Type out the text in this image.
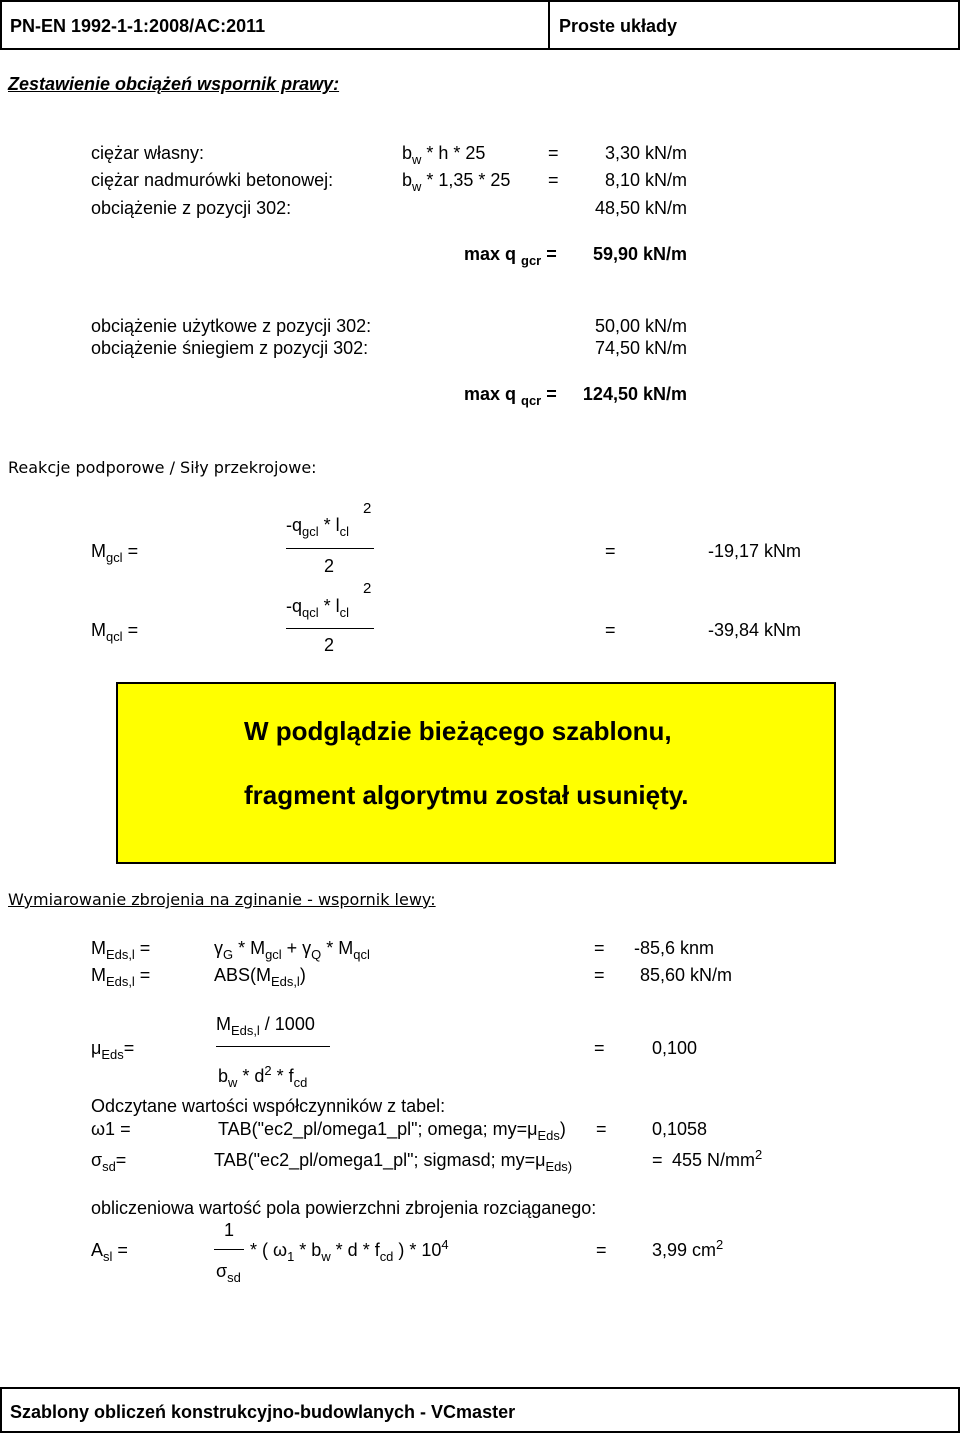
PN-EN 1992-1-1:2008/AC:2011	Proste układy
Zestawienie obciążeń wspornik prawy:
ciężar własny:	$b_w$ * h * 25	=	3,30 kN/m
ciężar nadmurówki betonowej:	$b_w * 1,35 * 25$ =	8,10 kN/m
obciążenie z pozycji 302:	48,50 kN/m
max q $_{gcr}$ = 59,90 kN/m
obciążenie użytkowe z pozycji 302:	50,00 kN/m
obciążenie śniegiem z pozycji 302:	74,50 kN/m
max q $_{qcr}$ = 124,50 kN/m
Reakcje podporowe / Siły przekrojowe:
$-q_{gcl} * l_{cl}$
2
2
$M_{gcl}$ =	=	-19,17 kNm
$-q_{qcl} * l_{cl}$
2
2
$M_{qcl}$ =	=	-39,84 kNm
W podglądzie bieżącego szablonu,
fragment algorytmu został usunięty.
Wymiarowanie zbrojenia na zginanie - wspornik lewy:
$M_{Eds,l}$ =	$\gamma_G * M_{gcl} + \gamma_Q * M_{qcl}$	= -85,6 knm
$M_{Eds,l}$ =	$ABS(M_{Eds,l})$	= 85,60 kN/m
$M_{Eds,l} / 1000$
$\mu_{Eds}=$
$b_w * d^2 * f_{cd}$
=	0,100
Odczytane wartości współczynników z tabel:
ω1 =	TAB("ec2_pl/omega1_pl"; omega; $my=\mu_{Eds}$) =	0,1058
$\sigma_{sd}=$	TAB("ec2_pl/omega1_pl"; sigmasd; $my=\mu_{Eds)}$	= 455 $N/mm^2$
obliczeniowa wartość pola powierzchni zbrojenia rozciąganego:
1
$\sigma_{sd}$
$A_{sl}$ =	* ( $\omega_1 * b_w$ * d * $f_{cd}$ ) * $10^4$	=	3,99 $cm^2$
Szablony obliczeń konstrukcyjno-budowlanych - VCmaster
